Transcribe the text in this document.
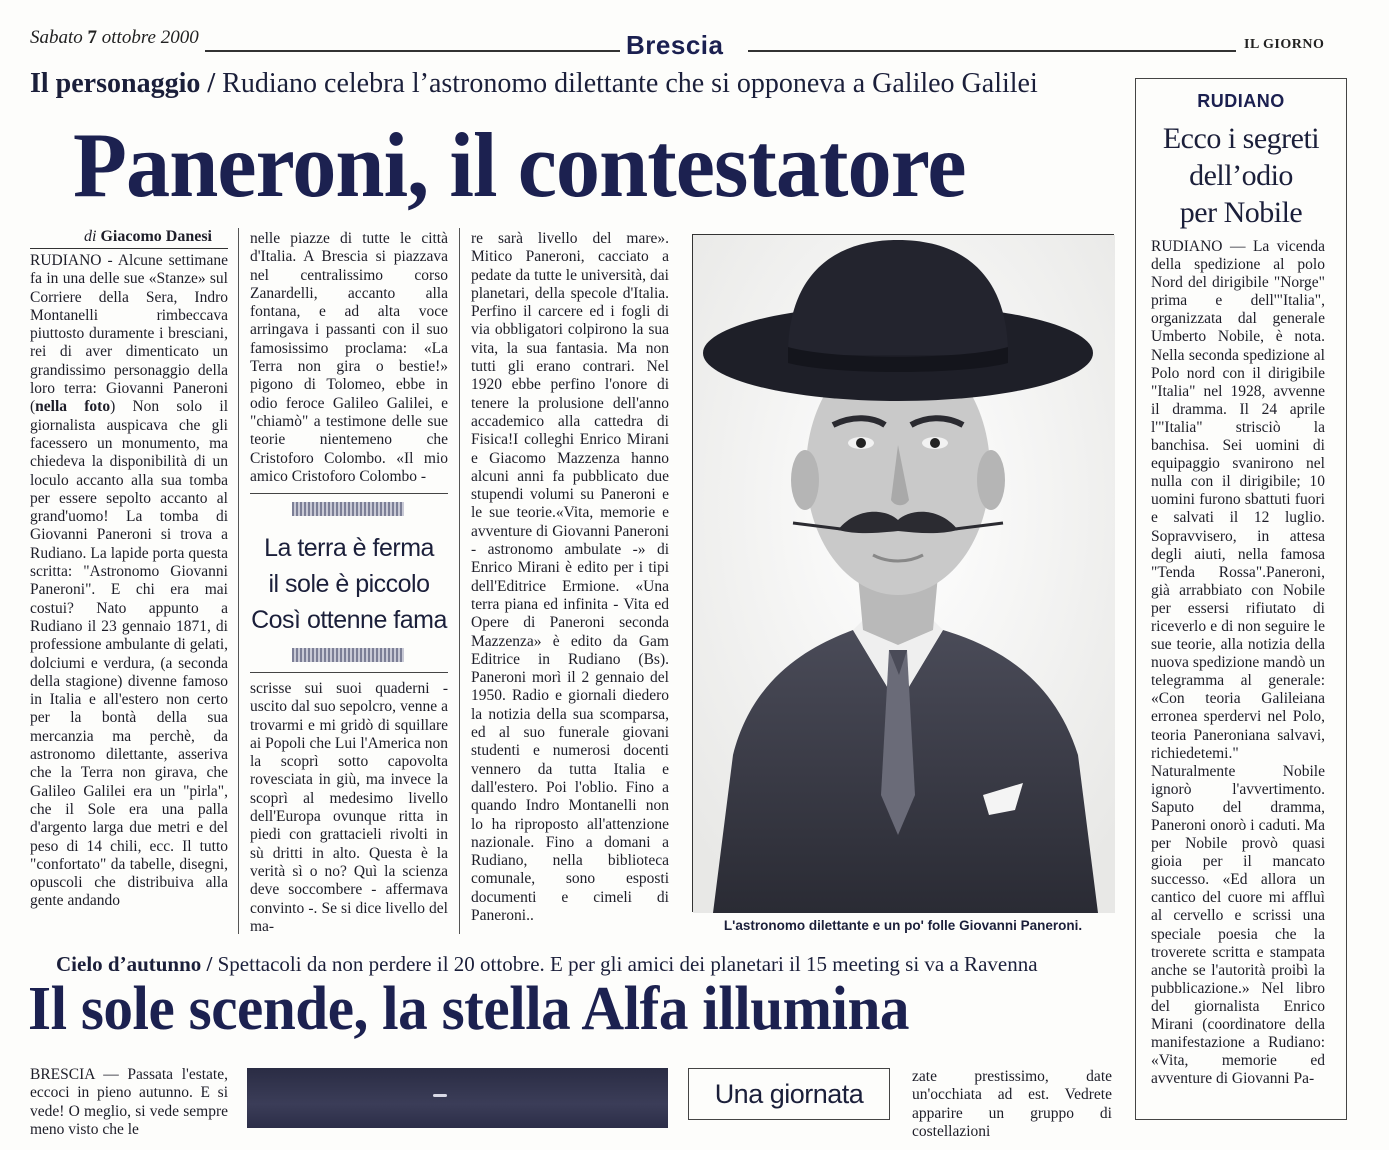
Sabato 7 ottobre 2000	Brescia	IL GIORNO
Il personaggio / Rudiano celebra l’astronomo dilettante che si opponeva a Galileo Galilei
Paneroni, il contestatore
di Giacomo Danesi
RUDIANO - Alcune settimane fa in una delle sue «Stanze» sul Corriere della Sera, Indro Montanelli rimbeccava piuttosto duramente i bresciani, rei di aver dimenticato un grandissimo personaggio della loro terra: Giovanni Paneroni (nella foto) Non solo il giornalista auspicava che gli facessero un monumento, ma chiedeva la disponibilità di un loculo accanto alla sua tomba per essere sepolto accanto al grand'uomo! La tomba di Giovanni Paneroni si trova a Rudiano. La lapide porta questa scritta: "Astronomo Giovanni Paneroni". E chi era mai costui? Nato appunto a Rudiano il 23 gennaio 1871, di professione ambulante di gelati, dolciumi e verdura, (a seconda della stagione) divenne famoso in Italia e all'estero non certo per la bontà della sua mercanzia ma perchè, da astronomo dilettante, asseriva che la Terra non girava, che Galileo Galilei era un "pirla", che il Sole era una palla d'argento larga due metri e del peso di 14 chili, ecc. Il tutto "confortato" da tabelle, disegni, opuscoli che distribuiva alla gente andando
nelle piazze di tutte le città d'Italia. A Brescia si piazzava nel centralissimo corso Zanardelli, accanto alla fontana, e ad alta voce arringava i passanti con il suo famosissimo proclama: «La Terra non gira o bestie!» pigono di Tolomeo, ebbe in odio feroce Galileo Galilei, e "chiamò" a testimone delle sue teorie nientemeno che Cristoforo Colombo. «Il mio amico Cristoforo Colombo -
La terra è ferma
il sole è piccolo
Così ottenne fama
scrisse sui suoi quaderni - uscito dal suo sepolcro, venne a trovarmi e mi gridò di squillare ai Popoli che Lui l'America non la scoprì sotto capovolta rovesciata in giù, ma invece la scoprì al medesimo livello dell'Europa ovunque ritta in piedi con grattacieli rivolti in sù dritti in alto. Questa è la verità sì o no? Quì la scienza deve soccombere - affermava convinto -. Se si dice livello del ma-
re sarà livello del mare». Mitico Paneroni, cacciato a pedate da tutte le università, dai planetari, della specole d'Italia. Perfino il carcere ed i fogli di via obbligatori colpirono la sua vita, la sua fantasia. Ma non tutti gli erano contrari. Nel 1920 ebbe perfino l'onore di tenere la prolusione dell'anno accademico alla cattedra di Fisica!I colleghi Enrico Mirani e Giacomo Mazzenza hanno alcuni anni fa pubblicato due stupendi volumi su Paneroni e le sue teorie.«Vita, memorie e avventure di Giovanni Paneroni - astronomo ambulate -» di Enrico Mirani è edito per i tipi dell'Editrice Ermione. «Una terra piana ed infinita - Vita ed Opere di Paneroni seconda Mazzenza» è edito da Gam Editrice in Rudiano (Bs). Paneroni morì il 2 gennaio del 1950. Radio e giornali diedero la notizia della sua scomparsa, ed al suo funerale giovani studenti e numerosi docenti vennero da tutta Italia e dall'estero. Poi l'oblio. Fino a quando Indro Montanelli non lo ha riproposto all'attenzione nazionale. Fino a domani a Rudiano, nella biblioteca comunale, sono esposti documenti e cimeli di Paneroni..
L'astronomo dilettante e un po' folle Giovanni Paneroni.
RUDIANO
Ecco i segreti
dell’odio
per Nobile
RUDIANO — La vicenda della spedizione al polo Nord del dirigibile "Norge" prima e dell'"Italia", organizzata dal generale Umberto Nobile, è nota. Nella seconda spedizione al Polo nord con il dirigibile "Italia" nel 1928, avvenne il dramma. Il 24 aprile l'"Italia" strisciò la banchisa. Sei uomini di equipaggio svanirono nel nulla con il dirigibile; 10 uomini furono sbattuti fuori e salvati il 12 luglio. Sopravvisero, in attesa degli aiuti, nella famosa "Tenda Rossa".Paneroni, già arrabbiato con Nobile per essersi rifiutato di riceverlo e di non seguire le sue teorie, alla notizia della nuova spedizione mandò un telegramma al generale: «Con teoria Galileiana erronea sperdervi nel Polo, teoria Paneroniana salvavi, richiedetemi." Naturalmente Nobile ignorò l'avvertimento. Saputo del dramma, Paneroni onorò i caduti. Ma per Nobile provò quasi gioia per il mancato successo. «Ed allora un cantico del cuore mi affluì al cervello e scrissi una speciale poesia che la troverete scritta e stampata anche se l'autorità proibì la pubblicazione.» Nel libro del giornalista Enrico Mirani (coordinatore della manifestazione a Rudiano: «Vita, memorie ed avventure di Giovanni Pa-
Cielo d’autunno / Spettacoli da non perdere il 20 ottobre. E per gli amici dei planetari il 15 meeting si va a Ravenna
Il sole scende, la stella Alfa illumina
BRESCIA — Passata l'estate, eccoci in pieno autunno. E si vede! O meglio, si vede sempre meno visto che le
Una giornata
zate prestissimo, date un'occhiata ad est. Vedrete apparire un gruppo di costellazioni
